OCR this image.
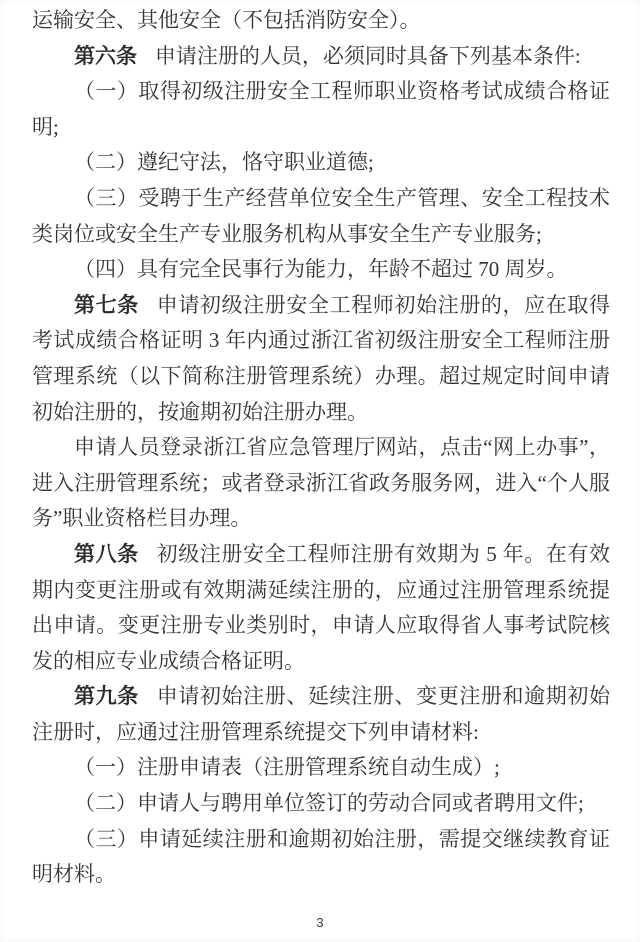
运输安全、其他安全（不包括消防安全）。

第六条 申请注册的人员，必须同时具备下列基本条件:

（一）取得初级注册安全工程师职业资格考试成绩合格证明;

（二）遵纪守法，恪守职业道德;

（三）受聘于生产经营单位安全生产管理、安全工程技术类岗位或安全生产专业服务机构从事安全生产专业服务;

（四）具有完全民事行为能力，年龄不超过 70 周岁。

第七条 申请初级注册安全工程师初始注册的，应在取得考试成绩合格证明 3 年内通过浙江省初级注册安全工程师注册管理系统（以下简称注册管理系统）办理。超过规定时间申请初始注册的，按逾期初始注册办理。

申请人员登录浙江省应急管理厅网站，点击“网上办事”，进入注册管理系统；或者登录浙江省政务服务网，进入“个人服务”职业资格栏目办理。

第八条 初级注册安全工程师注册有效期为 5 年。在有效期内变更注册或有效期满延续注册的，应通过注册管理系统提出申请。变更注册专业类别时，申请人应取得省人事考试院核发的相应专业成绩合格证明。

第九条 申请初始注册、延续注册、变更注册和逾期初始注册时，应通过注册管理系统提交下列申请材料:

（一）注册申请表（注册管理系统自动生成）;

（二）申请人与聘用单位签订的劳动合同或者聘用文件;

（三）申请延续注册和逾期初始注册，需提交继续教育证明材料。

3
